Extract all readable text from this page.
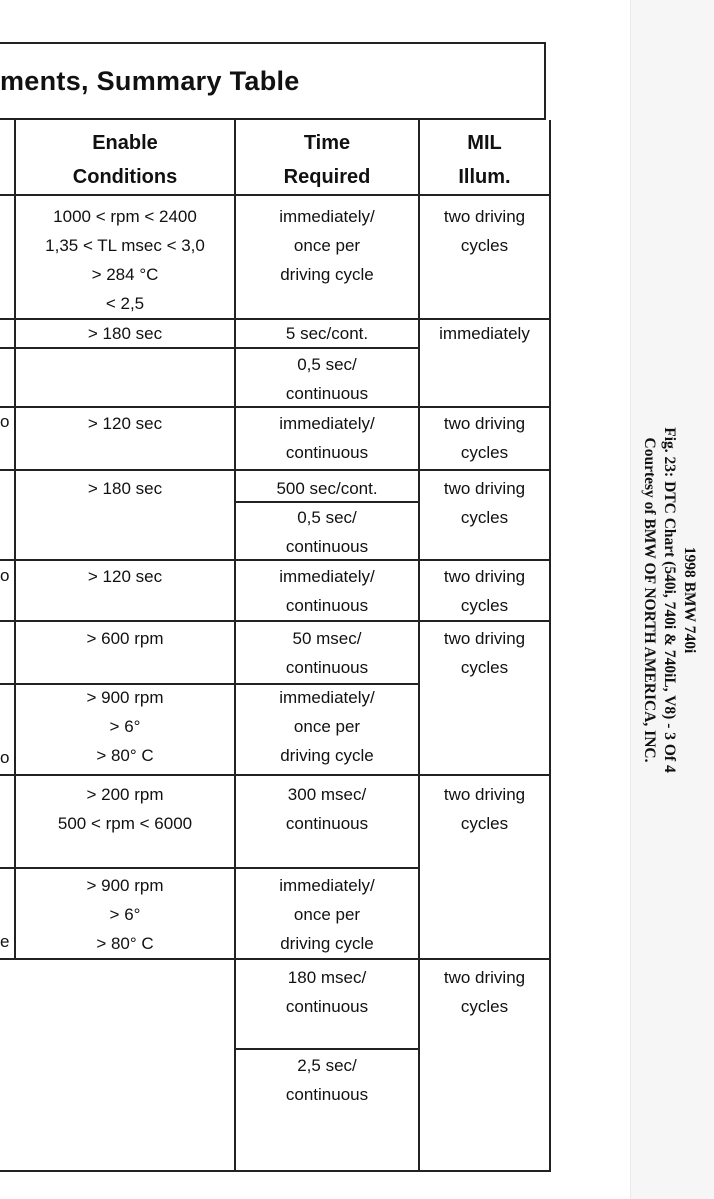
ments, Summary Table
Enable
Conditions
Time
Required
MIL
Illum.
o
o
o
e
1000 < rpm < 2400
1,35 < TL msec < 3,0
> 284 °C
< 2,5
> 180 sec
> 120 sec
> 180 sec
> 120 sec
> 600 rpm
> 900 rpm
> 6°
> 80° C
> 200 rpm
500 < rpm < 6000
> 900 rpm
> 6°
> 80° C
immediately/
once per
driving cycle
5 sec/cont.
0,5 sec/
continuous
immediately/
continuous
500 sec/cont.
0,5 sec/
continuous
immediately/
continuous
50 msec/
continuous
immediately/
once per
driving cycle
300 msec/
continuous
immediately/
once per
driving cycle
180 msec/
continuous
2,5 sec/
continuous
two driving
cycles
immediately
two driving
cycles
two driving
cycles
two driving
cycles
two driving
cycles
two driving
cycles
two driving
cycles
1998 BMW 740i
Fig. 23: DTC Chart (540i, 740i & 740iL, V8) - 3 Of 4
Courtesy of BMW OF NORTH AMERICA, INC.
